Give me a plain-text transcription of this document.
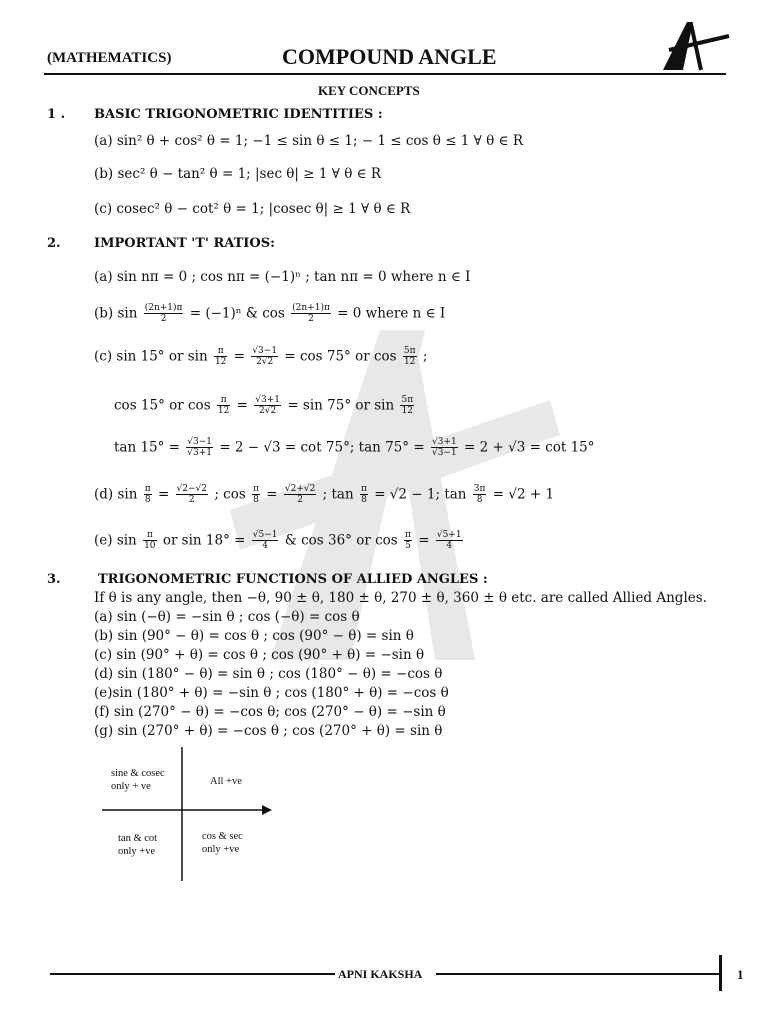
(MATHEMATICS)	COMPOUND ANGLE
KEY CONCEPTS
1 . BASIC TRIGONOMETRIC IDENTITIES :
(a) sin² θ + cos² θ = 1; −1 ≤ sin θ ≤ 1; − 1 ≤ cos θ ≤ 1 ∀ θ ∈ R
(b) sec² θ − tan² θ = 1; |sec θ| ≥ 1 ∀ θ ∈ R
(c) cosec² θ − cot² θ = 1; |cosec θ| ≥ 1 ∀ θ ∈ R
2.	IMPORTANT 'T' RATIOS:
(a) sin nπ = 0 ; cos nπ = (−1)ⁿ ; tan nπ = 0 where n ∈ I
(b) $\sin \frac{(2n+1)\pi}{2} = (-1)^n$ & $\cos \frac{(2n+1)\pi}{2} = 0$ where n ∈ I
(c) sin 15° or $\sin \frac{\pi}{12} = \frac{√3-1}{2√2} = \cos 75^\circ$ or $\cos \frac{5\pi}{12}$ ;
cos 15° or $\cos \frac{\pi}{12} = \frac{√3+1}{2√2} = \sin 75^\circ$ or $\sin \frac{5\pi}{12}$
$\tan 15^\circ = \frac{√3-1}{√3+1} = 2 - √3 = \cot 75^\circ$; $\tan 75^\circ = \frac{√3+1}{√3-1} = 2 + √3 = \cot 15^\circ$
(d) $\sin \frac{\pi}{8} = \frac{√2-√2}{2}$ ; $\cos \frac{\pi}{8} = \frac{√2+√2}{2}$ ; $\tan \frac{\pi}{8} = √2 - 1$; $\tan \frac{3\pi}{8} = √2 + 1$
(e) $\sin \frac{\pi}{10}$ or $\sin 18^\circ = \frac{√5-1}{4}$ & cos 36° or $\cos \frac{\pi}{5} = \frac{√5+1}{4}$
3.	TRIGONOMETRIC FUNCTIONS OF ALLIED ANGLES :
If θ is any angle, then −θ, 90 ± θ, 180 ± θ, 270 ± θ, 360 ± θ etc. are called Allied Angles.
(a) sin (−θ) = −sin θ ; cos (−θ) = cos θ
(b) sin (90° − θ) = cos θ ; cos (90° − θ) = sin θ
(c) sin (90° + θ) = cos θ ; cos (90° + θ) = −sin θ
(d) sin (180° − θ) = sin θ ; cos (180° − θ) = −cos θ
(e)sin (180° + θ) = −sin θ ; cos (180° + θ) = −cos θ
(f) sin (270° − θ) = −cos θ; cos (270° − θ) = −sin θ
(g) sin (270° + θ) = −cos θ ; cos (270° + θ) = sin θ
sine & cosec
only + ve	All +ve
tan & cot
only +ve
cos & sec
only +ve
APNI KAKSHA	1
